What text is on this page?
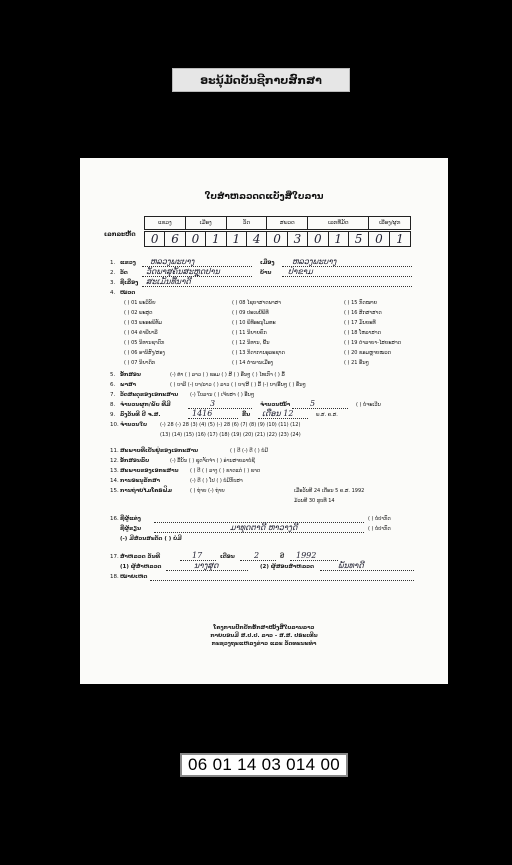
ອະນຸ້ມັດບັນຊີກາບສົກສາ
ໃບສໍາຫລວດດແບັງສືໃບລານ
ເລກລະຫັດ
ແຂວງ	ເມືອງ	ວັດ	ສພວດ	ເລກທີ່ມັດ	ເລືອງ/ຜູກ
0	6	0	1	1	4	0	3	0	1	5	0	1
1. ແຂວງ ຫລວງພະບາງ	ເມືອງ ຫລວງພະບາງ
2. ວັດ ວັດພາສຸຄັນສະຫຼຸດປານ	ບ້ານ ປ່າຂາມ
3. ຊື່ເລື່ອງ ສະເມັນທີ່ນາດີ
4. ໝວດ
( ) 01 ພະວິນັຍ
( ) 02 ພະສູດ
( ) 03 ພະອະພິທັມ
( ) 04 ຄໍາພີບາລີ
( ) 05 ນິທານຊາດົກ
( ) 06 ອານິສົງ/ສອງ
( ) 07 ນິຍາດິກ
( ) 08 ໄຊຍາສາດພາສາ
( ) 09 ປະເພນີພິທີ
( ) 10 ພິທີອະນຸໂມທະ
( ) 11 ນິຍາຍຄົກ
( ) 12 ນິທານ, ພື້ນ
( ) 13 ກິດາການອຸລະຊາດ
( ) 14 ຕໍານານເມືອງ
( ) 15 ກົດໝາຍ
( ) 16 ສິກສາສາດ
( ) 17 ມັນຍະທີ
( ) 18 ໂຫລາສາດ
( ) 19 ດໍາລາຍາ-ໄສຍະສາດ
( ) 20 ຂອມຫຼາຍໝວດ
( ) 21 ອື່ນໆ
5. ອັກສອນ	(-) ທຳ ( ) ລາວ ( ) ຂອມ ( ) ສີ ( ) ອື່ນໆ ( ) ໄທເກົາ ( ) ລື້
6. ພາສາ	( ) ບາລີ (-) ບາ/ລາວ ( ) ລາວ ( ) ບາ/ສີ ( ) ລື້ (-) ບາ/ອື່ນໆ ( ) ອື່ນໆ
7. ວັດສະດຸຂອງເອກະສານ (-) ໃບລານ ( ) ເຈ້ຍສາ ( ) ອື່ນໆ
8. ຈໍານວນຜູກ/ພັບ ທີ່ມີ	3	ຈໍານວນໜ້າ 5	( ) ບໍ່ຈະເວີນ
9. ລົງວັນທີ ປີ ຈ.ສ.	1416	ຂື້ນ ເດືອນ 12	ພ.ສ. ຄ.ສ.
10. ຈໍານວນໃບ	(-) 28 (-) 28 (3) (4) (5) (-) 28 (6) (7) (8) (9) (10) (11) (12)
(13) (14) (15) (16) (17) (18) (19) (20) (21) (22) (23) (24)
11. ສະພາບທີ່ເປັນຢູ່ຂອງເອກະສານ	( ) ດີ (-) ດີ ( ) ບໍ່ມີ
12. ອັກສອນລົບ	(-) ລື້ນັນ ( ) ຊຸດຈັດຈໍາ ( ) ອ່ານສາຍລາບໍ່ຊີ
13. ສະພາບຂອງເອກະສານ ( ) ດີ ( ) ລາງ ( ) ຂາດແຕ່ ( ) ຂາດ
14. ການອະນຸລັກສາ	(-) ດີ ( ) ໂປ ( ) ບໍ່ມີກັບສາ
15. ການຖ່າຍໄມໂຄຣຟິມ	( ) ຖ່າຍ (-) ຖ່າຍ	ເມື່ອວັນທີ 24 ເດືອນ 5 ຄ.ສ. 1992
ມ້ວນທີ 30 ຮູບທີ 14
16. ຊື່ຜູ້ແຕ່ງ	( ) ບໍ່ປາກົດ
ຊື່ຜູ້ຂຽນ	ມາທຸດຕາດີ ຫາວາງດີ	( ) ບໍ່ປາກົດ
(-) ມີສ່ວນສະດັດ ( ) ບໍ່ມີ
17. ສໍາຫລວດ ວັນທີ	17	ເດືອນ 2	ປີ 1992
(1) ຜູ້ສໍາຫລວດ	ນາງສຸດ	(2) ຜູ້ສອບສຳຫລວດ	ພັນທາດີ
18. ໝາຍເຫດ
ໂຄງການປົກປັກຮັກສາໜັງສືໃບລານລາວ
ກາຍບອນມີ ສ.ປ.ປ. ລາວ - ສ.ສ. ປຣະເທີນ
ກະຊວງຖະແຫລງຂ່າວ ແລະ ວັດທະນະທໍາ
06 01 14 03 014 00
